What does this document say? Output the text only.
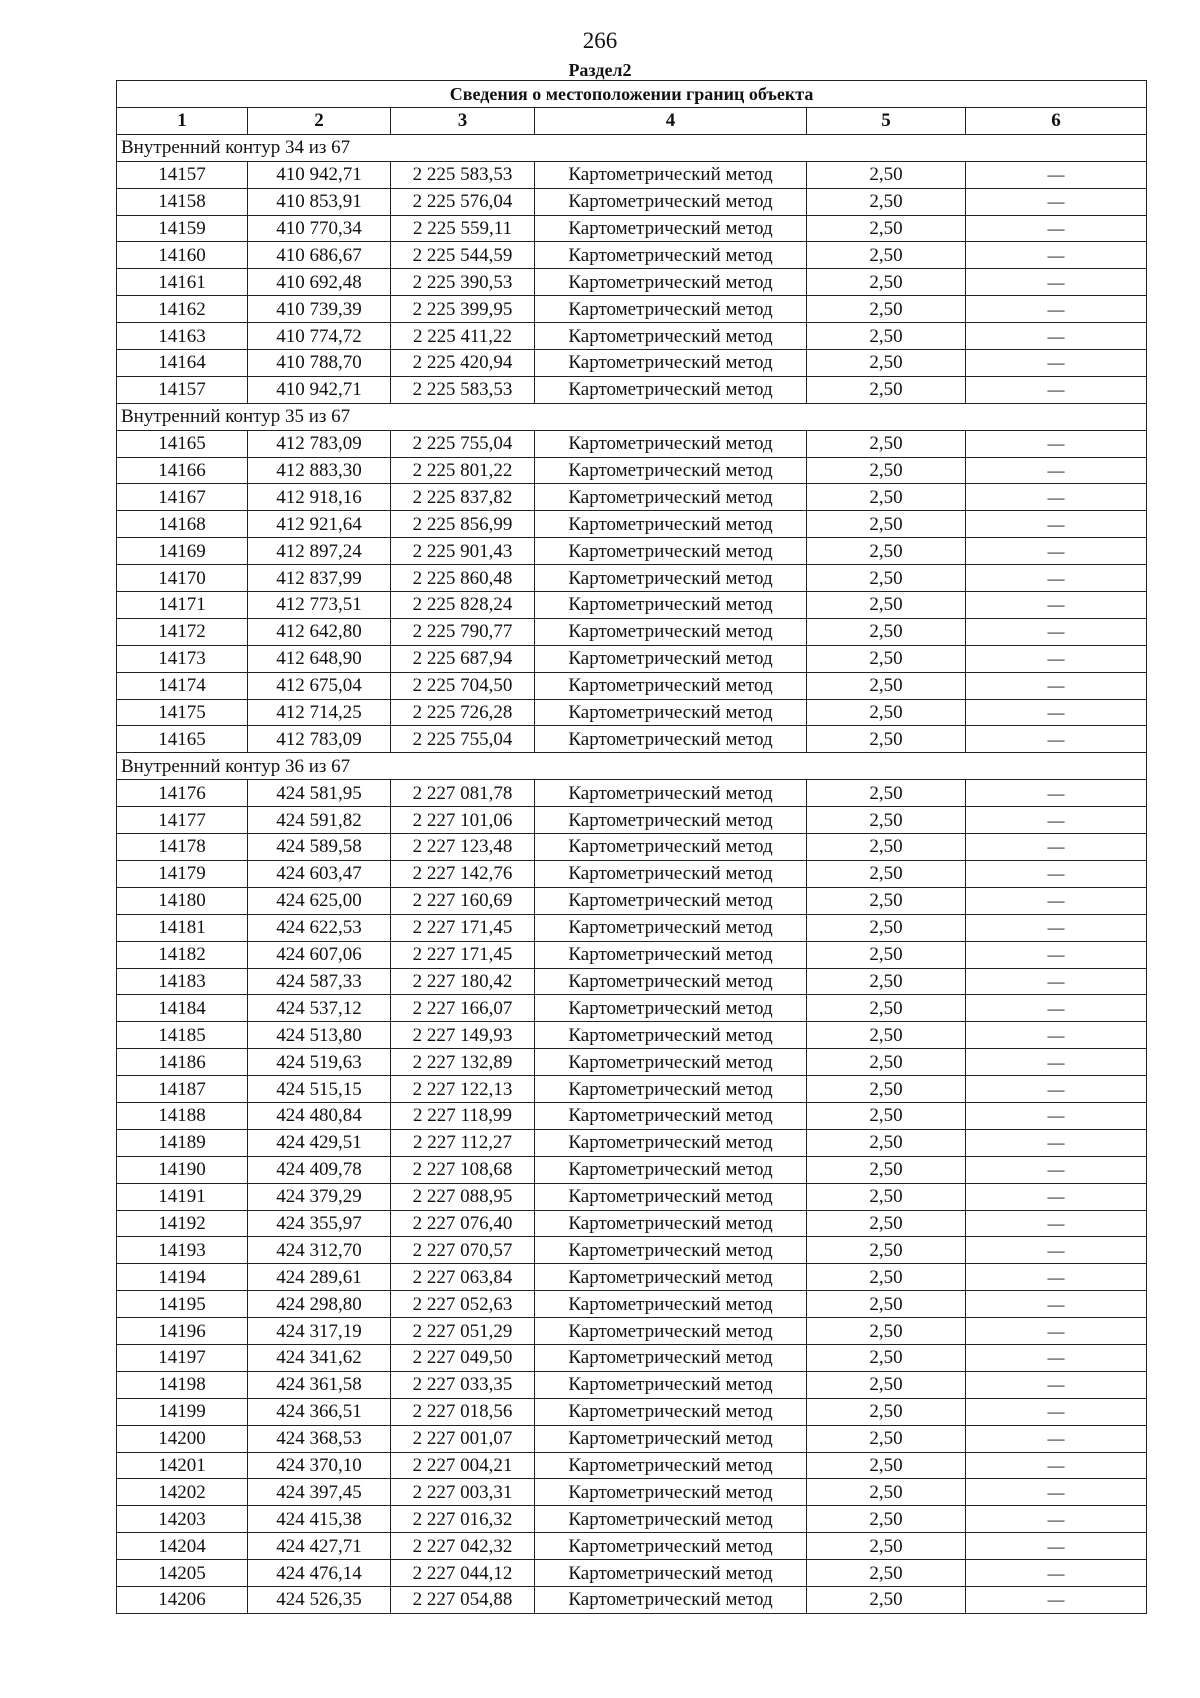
266
Раздел2
Сведения о местоположении границ объекта					
1	2	3	4	5	6
Внутренний контур 34 из 67					
14157	410 942,71	2 225 583,53	Картометрический метод	2,50	—
14158	410 853,91	2 225 576,04	Картометрический метод	2,50	—
14159	410 770,34	2 225 559,11	Картометрический метод	2,50	—
14160	410 686,67	2 225 544,59	Картометрический метод	2,50	—
14161	410 692,48	2 225 390,53	Картометрический метод	2,50	—
14162	410 739,39	2 225 399,95	Картометрический метод	2,50	—
14163	410 774,72	2 225 411,22	Картометрический метод	2,50	—
14164	410 788,70	2 225 420,94	Картометрический метод	2,50	—
14157	410 942,71	2 225 583,53	Картометрический метод	2,50	—
Внутренний контур 35 из 67					
14165	412 783,09	2 225 755,04	Картометрический метод	2,50	—
14166	412 883,30	2 225 801,22	Картометрический метод	2,50	—
14167	412 918,16	2 225 837,82	Картометрический метод	2,50	—
14168	412 921,64	2 225 856,99	Картометрический метод	2,50	—
14169	412 897,24	2 225 901,43	Картометрический метод	2,50	—
14170	412 837,99	2 225 860,48	Картометрический метод	2,50	—
14171	412 773,51	2 225 828,24	Картометрический метод	2,50	—
14172	412 642,80	2 225 790,77	Картометрический метод	2,50	—
14173	412 648,90	2 225 687,94	Картометрический метод	2,50	—
14174	412 675,04	2 225 704,50	Картометрический метод	2,50	—
14175	412 714,25	2 225 726,28	Картометрический метод	2,50	—
14165	412 783,09	2 225 755,04	Картометрический метод	2,50	—
Внутренний контур 36 из 67					
14176	424 581,95	2 227 081,78	Картометрический метод	2,50	—
14177	424 591,82	2 227 101,06	Картометрический метод	2,50	—
14178	424 589,58	2 227 123,48	Картометрический метод	2,50	—
14179	424 603,47	2 227 142,76	Картометрический метод	2,50	—
14180	424 625,00	2 227 160,69	Картометрический метод	2,50	—
14181	424 622,53	2 227 171,45	Картометрический метод	2,50	—
14182	424 607,06	2 227 171,45	Картометрический метод	2,50	—
14183	424 587,33	2 227 180,42	Картометрический метод	2,50	—
14184	424 537,12	2 227 166,07	Картометрический метод	2,50	—
14185	424 513,80	2 227 149,93	Картометрический метод	2,50	—
14186	424 519,63	2 227 132,89	Картометрический метод	2,50	—
14187	424 515,15	2 227 122,13	Картометрический метод	2,50	—
14188	424 480,84	2 227 118,99	Картометрический метод	2,50	—
14189	424 429,51	2 227 112,27	Картометрический метод	2,50	—
14190	424 409,78	2 227 108,68	Картометрический метод	2,50	—
14191	424 379,29	2 227 088,95	Картометрический метод	2,50	—
14192	424 355,97	2 227 076,40	Картометрический метод	2,50	—
14193	424 312,70	2 227 070,57	Картометрический метод	2,50	—
14194	424 289,61	2 227 063,84	Картометрический метод	2,50	—
14195	424 298,80	2 227 052,63	Картометрический метод	2,50	—
14196	424 317,19	2 227 051,29	Картометрический метод	2,50	—
14197	424 341,62	2 227 049,50	Картометрический метод	2,50	—
14198	424 361,58	2 227 033,35	Картометрический метод	2,50	—
14199	424 366,51	2 227 018,56	Картометрический метод	2,50	—
14200	424 368,53	2 227 001,07	Картометрический метод	2,50	—
14201	424 370,10	2 227 004,21	Картометрический метод	2,50	—
14202	424 397,45	2 227 003,31	Картометрический метод	2,50	—
14203	424 415,38	2 227 016,32	Картометрический метод	2,50	—
14204	424 427,71	2 227 042,32	Картометрический метод	2,50	—
14205	424 476,14	2 227 044,12	Картометрический метод	2,50	—
14206	424 526,35	2 227 054,88	Картометрический метод	2,50	—
